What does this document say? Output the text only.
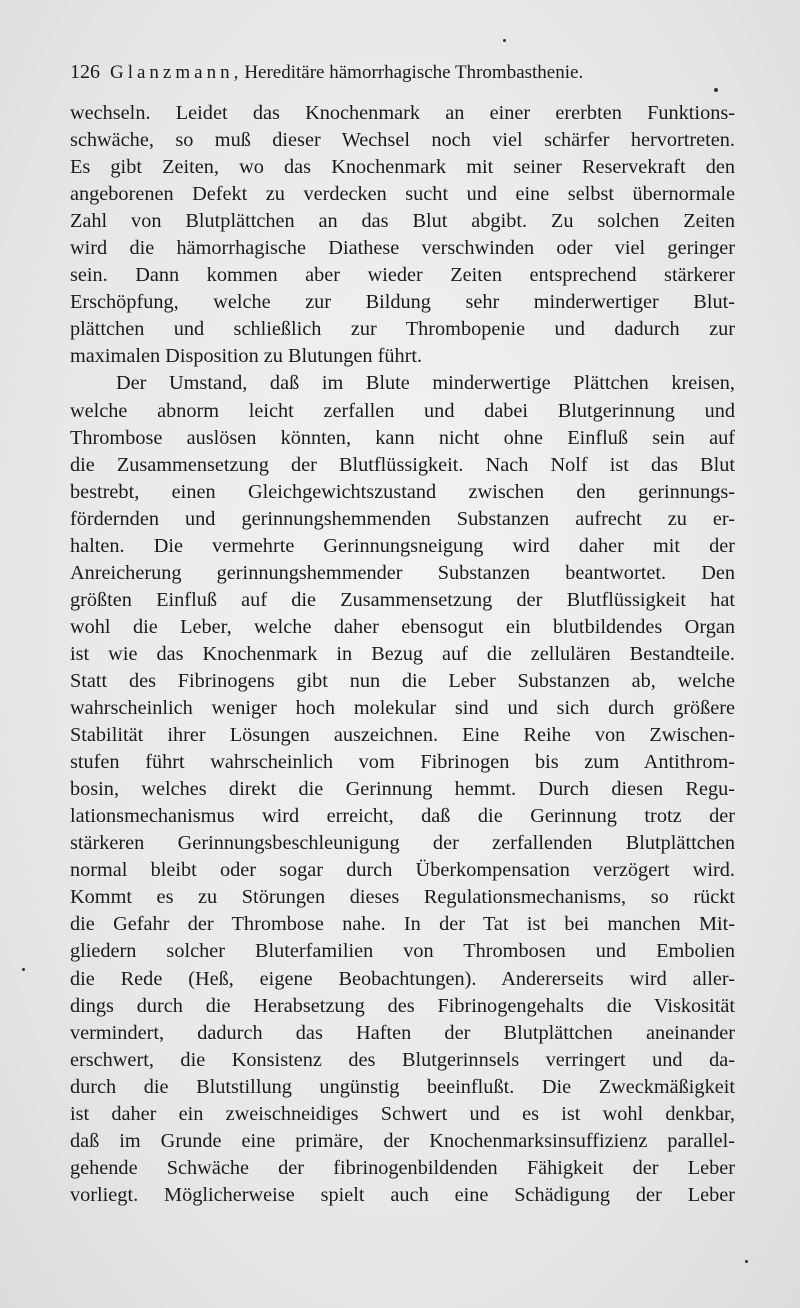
126 Glanzmann, Hereditäre hämorrhagische Thrombasthenie.
wechseln. Leidet das Knochenmark an einer ererbten Funktions-
schwäche, so muß dieser Wechsel noch viel schärfer hervortreten.
Es gibt Zeiten, wo das Knochenmark mit seiner Reservekraft den
angeborenen Defekt zu verdecken sucht und eine selbst übernormale
Zahl von Blutplättchen an das Blut abgibt. Zu solchen Zeiten
wird die hämorrhagische Diathese verschwinden oder viel geringer
sein. Dann kommen aber wieder Zeiten entsprechend stärkerer
Erschöpfung, welche zur Bildung sehr minderwertiger Blut-
plättchen und schließlich zur Thrombopenie und dadurch zur
maximalen Disposition zu Blutungen führt.
Der Umstand, daß im Blute minderwertige Plättchen kreisen,
welche abnorm leicht zerfallen und dabei Blutgerinnung und
Thrombose auslösen könnten, kann nicht ohne Einfluß sein auf
die Zusammensetzung der Blutflüssigkeit. Nach Nolf ist das Blut
bestrebt, einen Gleichgewichtszustand zwischen den gerinnungs-
fördernden und gerinnungshemmenden Substanzen aufrecht zu er-
halten. Die vermehrte Gerinnungsneigung wird daher mit der
Anreicherung gerinnungshemmender Substanzen beantwortet. Den
größten Einfluß auf die Zusammensetzung der Blutflüssigkeit hat
wohl die Leber, welche daher ebensogut ein blutbildendes Organ
ist wie das Knochenmark in Bezug auf die zellulären Bestandteile.
Statt des Fibrinogens gibt nun die Leber Substanzen ab, welche
wahrscheinlich weniger hoch molekular sind und sich durch größere
Stabilität ihrer Lösungen auszeichnen. Eine Reihe von Zwischen-
stufen führt wahrscheinlich vom Fibrinogen bis zum Antithrom-
bosin, welches direkt die Gerinnung hemmt. Durch diesen Regu-
lationsmechanismus wird erreicht, daß die Gerinnung trotz der
stärkeren Gerinnungsbeschleunigung der zerfallenden Blutplättchen
normal bleibt oder sogar durch Überkompensation verzögert wird.
Kommt es zu Störungen dieses Regulationsmechanisms, so rückt
die Gefahr der Thrombose nahe. In der Tat ist bei manchen Mit-
gliedern solcher Bluterfamilien von Thrombosen und Embolien
die Rede (Heß, eigene Beobachtungen). Andererseits wird aller-
dings durch die Herabsetzung des Fibrinogengehalts die Viskosität
vermindert, dadurch das Haften der Blutplättchen aneinander
erschwert, die Konsistenz des Blutgerinnsels verringert und da-
durch die Blutstillung ungünstig beeinflußt. Die Zweckmäßigkeit
ist daher ein zweischneidiges Schwert und es ist wohl denkbar,
daß im Grunde eine primäre, der Knochenmarksinsuffizienz parallel-
gehende Schwäche der fibrinogenbildenden Fähigkeit der Leber
vorliegt. Möglicherweise spielt auch eine Schädigung der Leber
